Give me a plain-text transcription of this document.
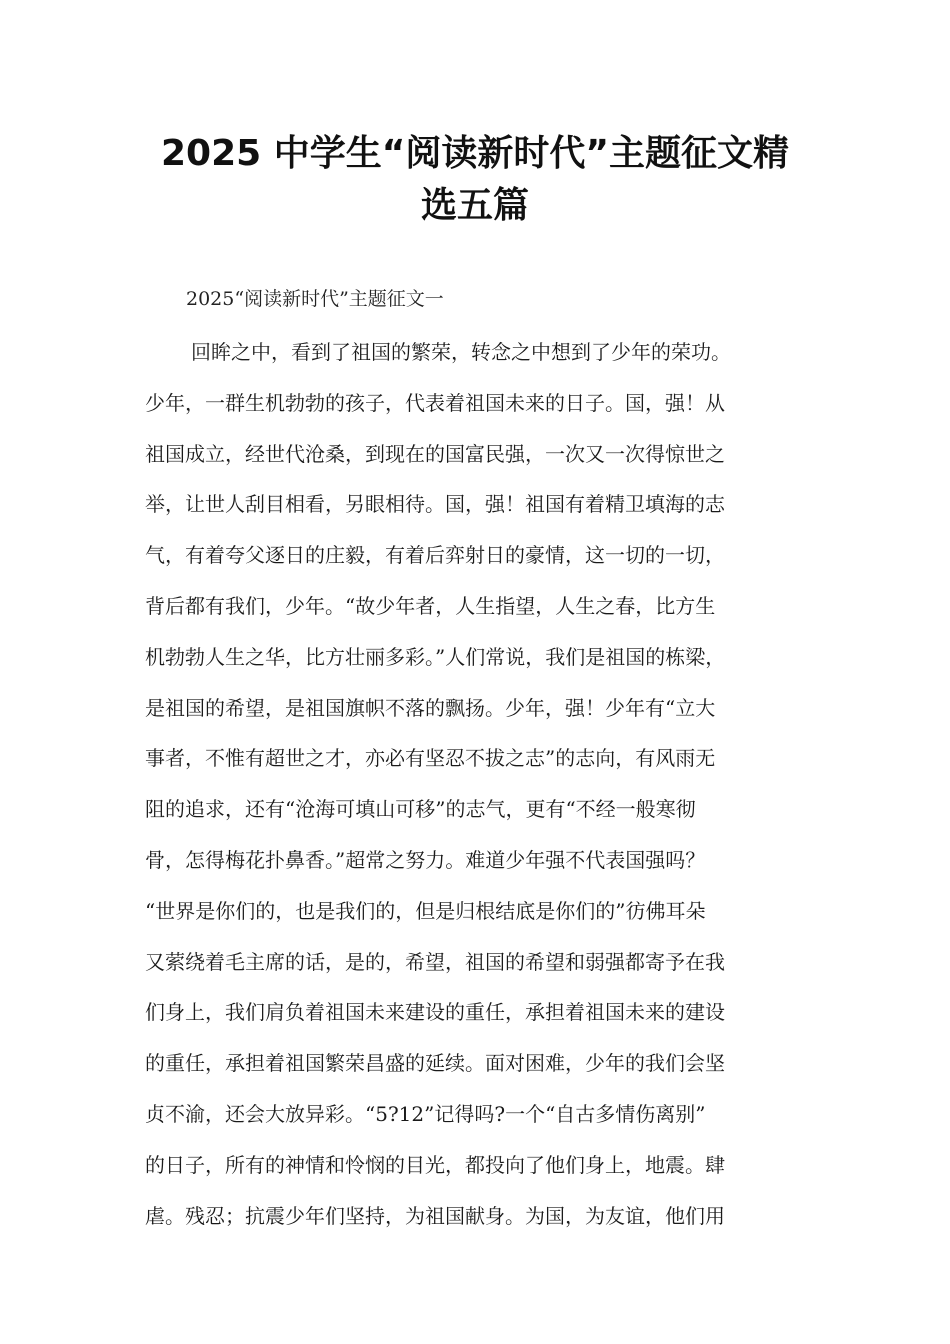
2025 中学生“阅读新时代”主题征文精
选五篇

2025“阅读新时代”主题征文一

回眸之中，看到了祖国的繁荣，转念之中想到了少年的荣功。
少年，一群生机勃勃的孩子，代表着祖国未来的日子。国，强！从
祖国成立，经世代沧桑，到现在的国富民强，一次又一次得惊世之
举，让世人刮目相看，另眼相待。国，强！祖国有着精卫填海的志
气，有着夸父逐日的庄毅，有着后弈射日的豪情，这一切的一切，
背后都有我们，少年。“故少年者，人生指望，人生之春，比方生
机勃勃人生之华，比方壮丽多彩。”人们常说，我们是祖国的栋梁，
是祖国的希望，是祖国旗帜不落的飘扬。少年，强！少年有“立大
事者，不惟有超世之才，亦必有坚忍不拔之志”的志向，有风雨无
阻的追求，还有“沧海可填山可移”的志气，更有“不经一般寒彻
骨，怎得梅花扑鼻香。”超常之努力。难道少年强不代表国强吗？
“世界是你们的，也是我们的，但是归根结底是你们的”彷佛耳朵
又萦绕着毛主席的话，是的，希望，祖国的希望和弱强都寄予在我
们身上，我们肩负着祖国未来建设的重任，承担着祖国未来的建设
的重任，承担着祖国繁荣昌盛的延续。面对困难，少年的我们会坚
贞不渝，还会大放异彩。“5?12”记得吗?一个“自古多情伤离别”
的日子，所有的神情和怜悯的目光，都投向了他们身上，地震。肆
虐。残忍；抗震少年们坚持，为祖国献身。为国，为友谊，他们用
